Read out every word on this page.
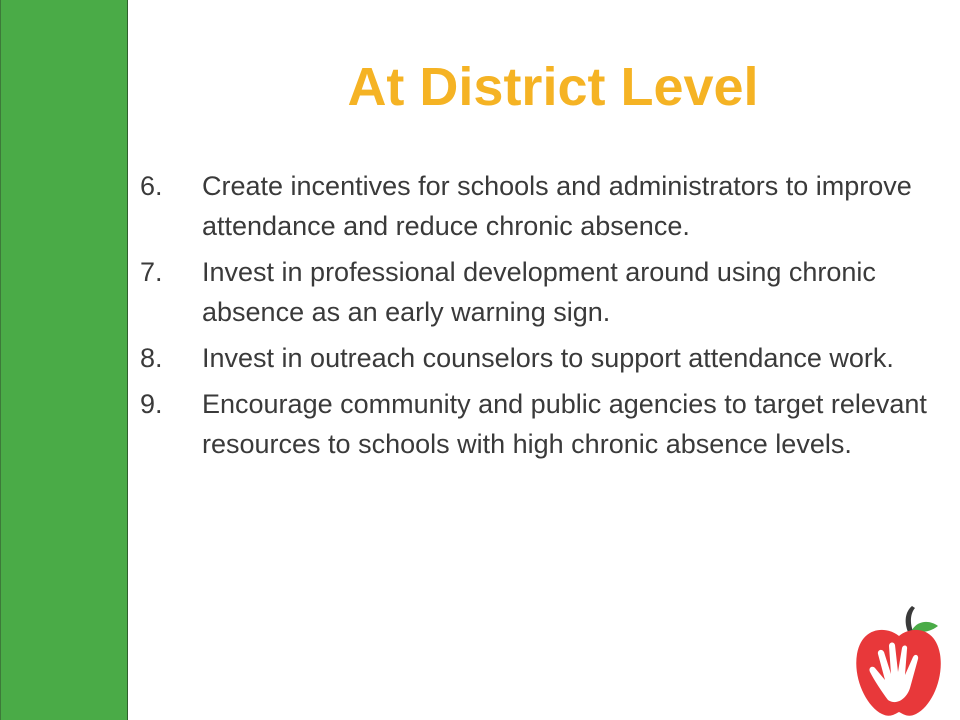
At District Level
6. Create incentives for schools and administrators to improve attendance and reduce chronic absence.
7. Invest in professional development around using chronic absence as an early warning sign.
8. Invest in outreach counselors to support attendance work.
9. Encourage community and public agencies to target relevant resources to schools with high chronic absence levels.
